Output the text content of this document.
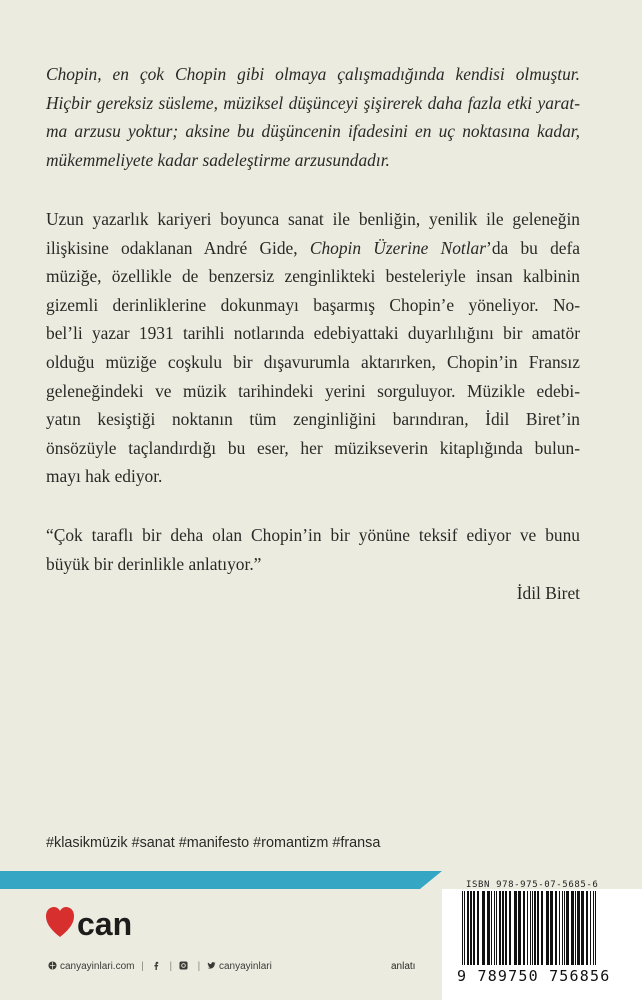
Chopin, en çok Chopin gibi olmaya çalışmadığında kendisi olmuştur.
Hiçbir gereksiz süsleme, müziksel düşünceyi şişirerek daha fazla etki yarat-
ma arzusu yoktur; aksine bu düşüncenin ifadesini en uç noktasına kadar,
mükemmeliyete kadar sadeleştirme arzusundadır.
Uzun yazarlık kariyeri boyunca sanat ile benliğin, yenilik ile geleneğin
ilişkisine odaklanan André Gide, Chopin Üzerine Notlar’da bu defa
müziğe, özellikle de benzersiz zenginlikteki besteleriyle insan kalbinin
gizemli derinliklerine dokunmayı başarmış Chopin’e yöneliyor. No-
bel’li yazar 1931 tarihli notlarında edebiyattaki duyarlılığını bir amatör
olduğu müziğe coşkulu bir dışavurumla aktarırken, Chopin’in Fransız
geleneğindeki ve müzik tarihindeki yerini sorguluyor. Müzikle edebi-
yatın kesiştiği noktanın tüm zenginliğini barındıran, İdil Biret’in
önsözüyle taçlandırdığı bu eser, her müzikseverin kitaplığında bulun-
mayı hak ediyor.
“Çok taraflı bir deha olan Chopin’in bir yönüne teksif ediyor ve bunu
büyük bir derinlikle anlatıyor.”
İdil Biret
#klasikmüzik #sanat #manifesto #romantizm #fransa
can
canyayinlari.com |	|	| canyayinlari	anlatı
ISBN 978-975-07-5685-6
9 789750 756856
